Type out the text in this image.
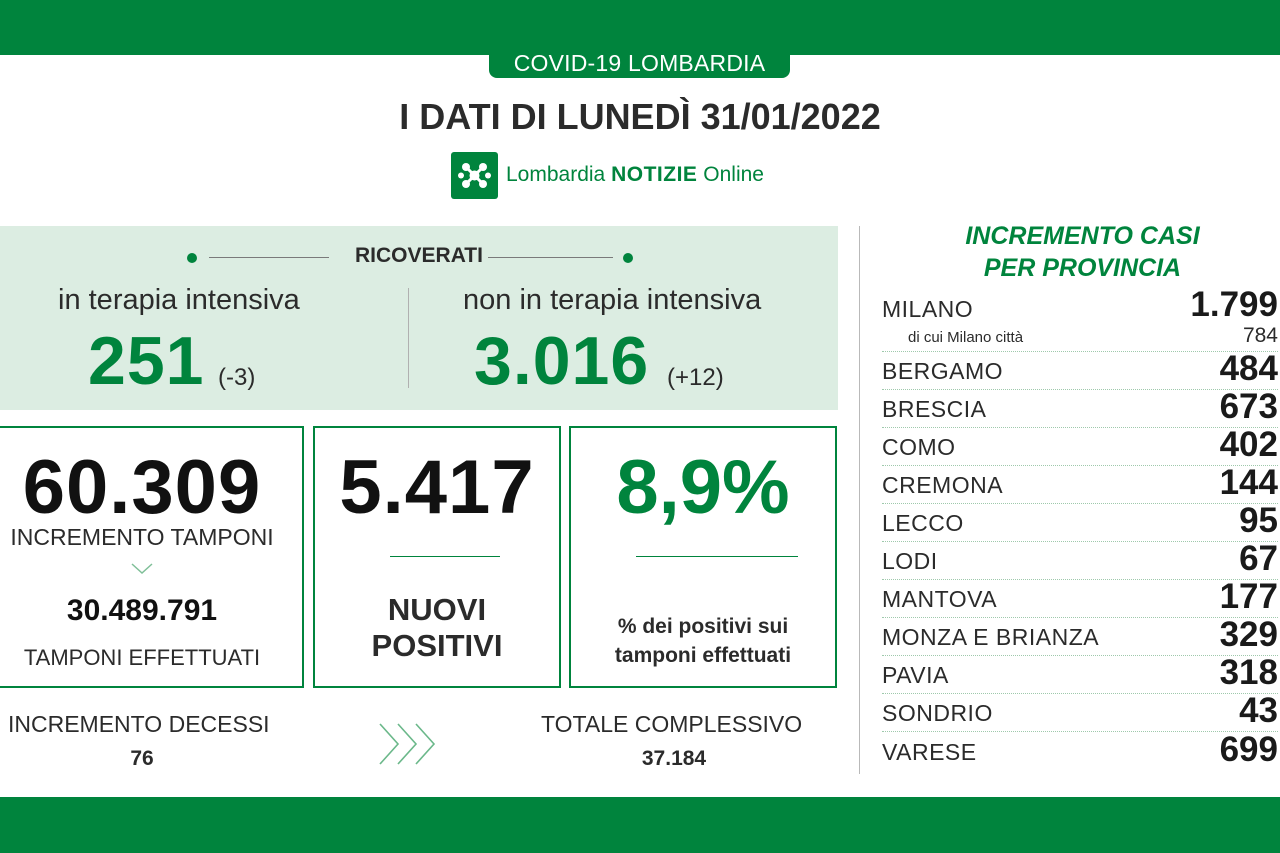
COVID-19 LOMBARDIA
I DATI DI LUNEDÌ 31/01/2022
Lombardia NOTIZIE Online
RICOVERATI
in terapia intensiva
251 (-3)
non in terapia intensiva
3.016 (+12)
60.309
INCREMENTO TAMPONI
30.489.791
TAMPONI EFFETTUATI
5.417
NUOVI
POSITIVI
8,9%
% dei positivi sui
tamponi effettuati
INCREMENTO DECESSI
76
TOTALE COMPLESSIVO
37.184
INCREMENTO CASI
PER PROVINCIA
MILANO	1.799
di cui Milano città	784
BERGAMO	484
BRESCIA	673
COMO	402
CREMONA	144
LECCO	95
LODI	67
MANTOVA	177
MONZA E BRIANZA	329
PAVIA	318
SONDRIO	43
VARESE	699
